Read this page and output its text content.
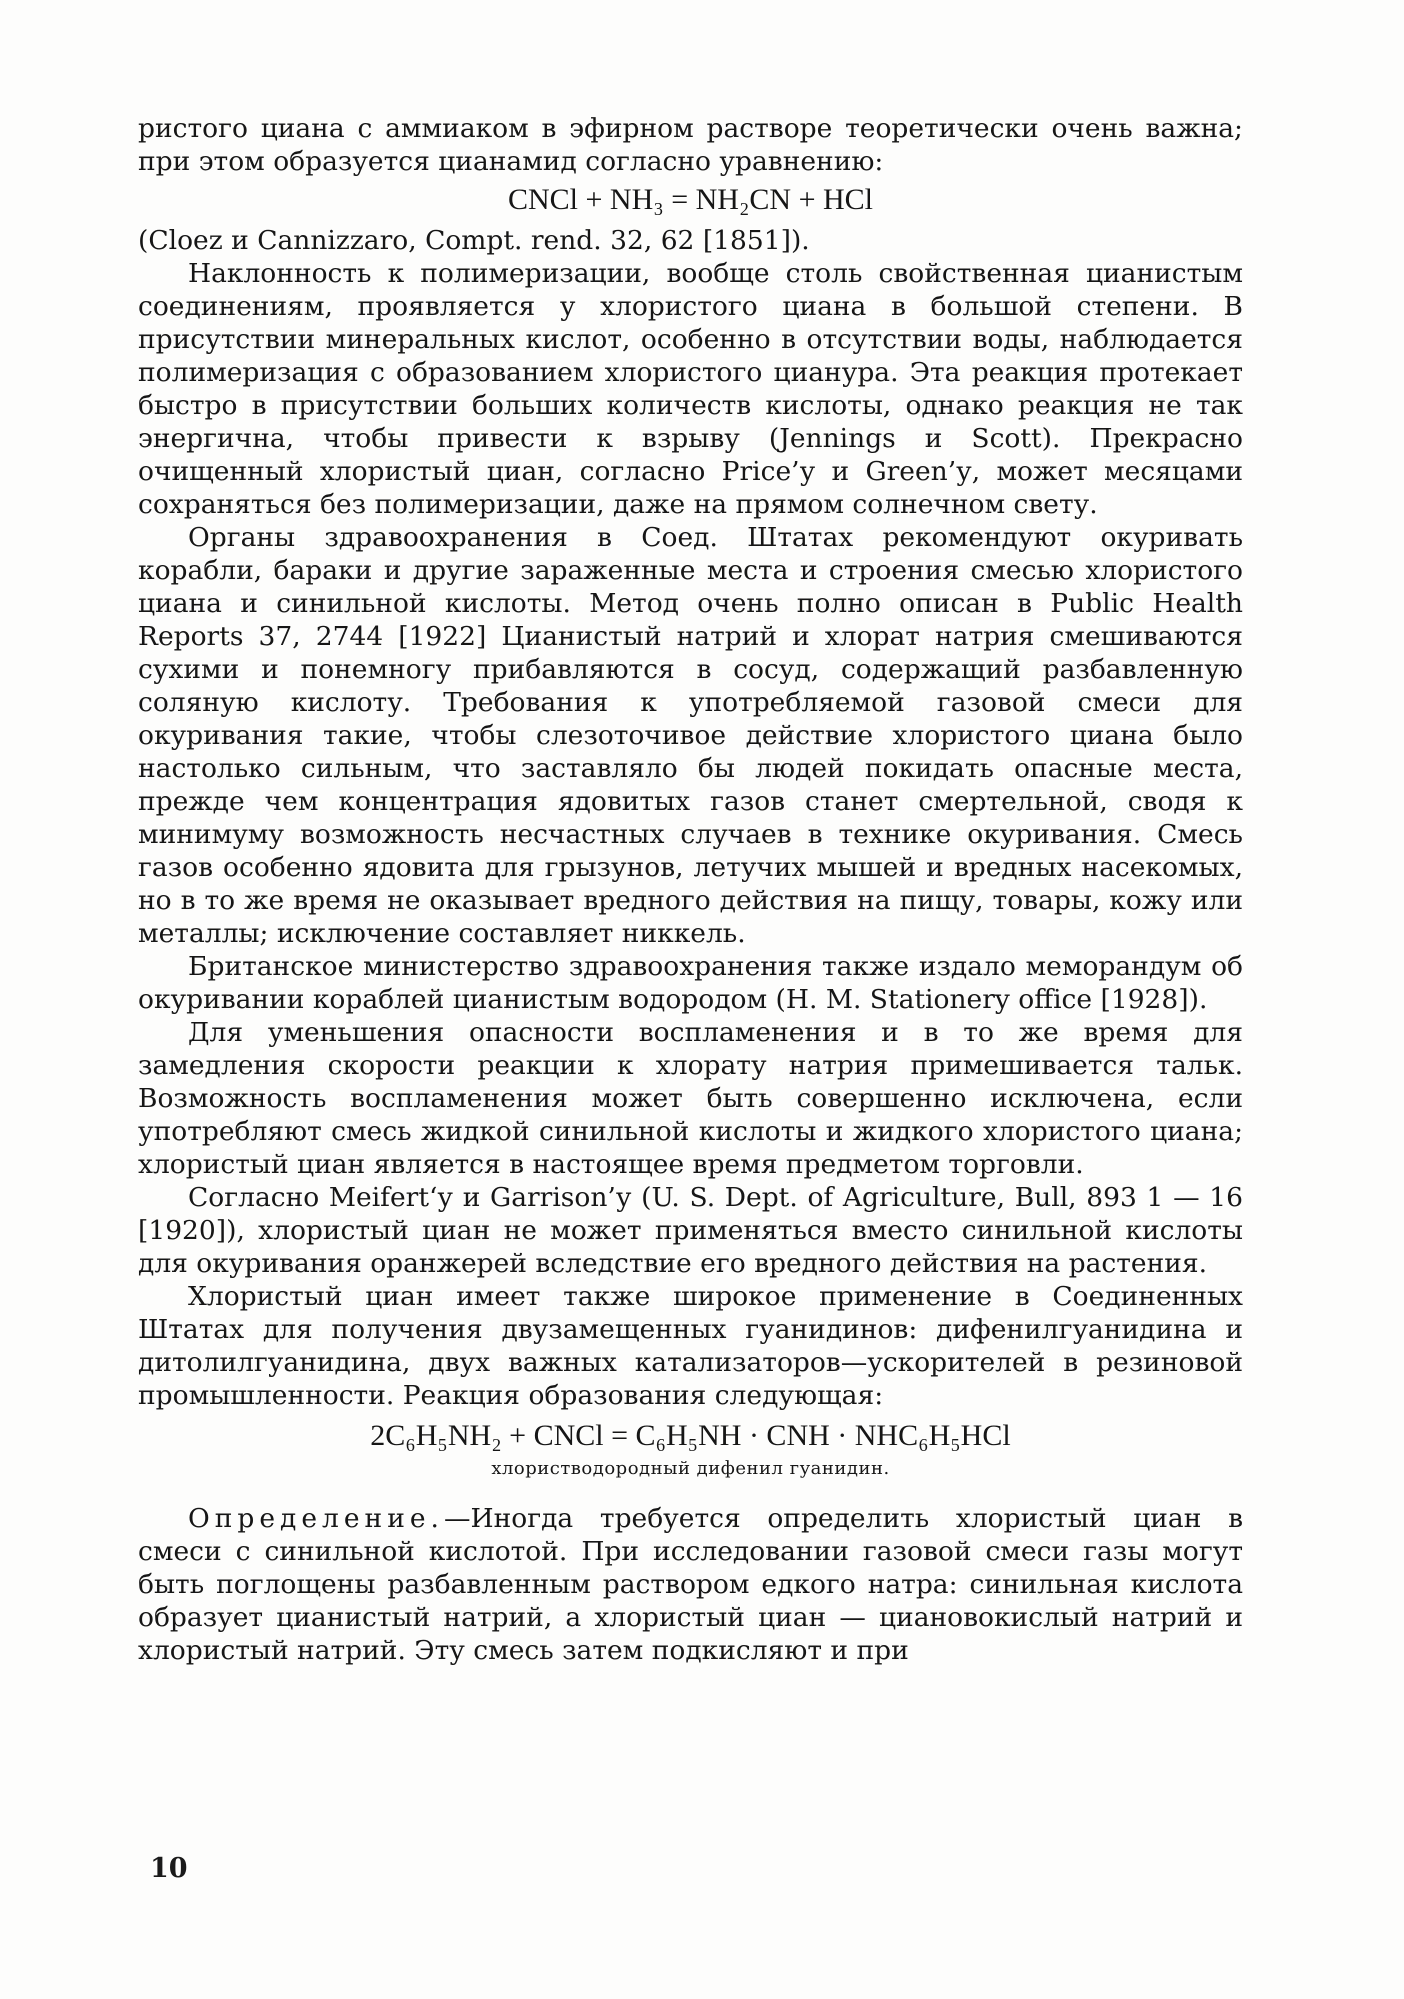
ристого циана с аммиаком в эфирном растворе теоретически очень важна; при этом образуется цианамид согласно уравнению:

CNCl + NH₃ = NH₂CN + HCl

(Cloez и Cannizzaro, Compt. rend. 32, 62 [1851]).

Наклонность к полимеризации, вообще столь свойственная цианистым соединениям, проявляется у хлористого циана в большой степени. В присутствии минеральных кислот, особенно в отсутствии воды, наблюдается полимеризация с образованием хлористого цианура. Эта реакция протекает быстро в присутствии больших количеств кислоты, однако реакция не так энергична, чтобы привести к взрыву (Jennings и Scott). Прекрасно очищенный хлористый циан, согласно Price’у и Green’у, может месяцами сохраняться без полимеризации, даже на прямом солнечном свету.

Органы здравоохранения в Соед. Штатах рекомендуют окуривать корабли, бараки и другие зараженные места и строения смесью хлористого циана и синильной кислоты. Метод очень полно описан в Public Health Reports 37, 2744 [1922] Цианистый натрий и хлорат натрия смешиваются сухими и понемногу прибавляются в сосуд, содержащий разбавленную соляную кислоту. Требования к употребляемой газовой смеси для окуривания такие, чтобы слезоточивое действие хлористого циана было настолько сильным, что заставляло бы людей покидать опасные места, прежде чем концентрация ядовитых газов станет смертельной, сводя к минимуму возможность несчастных случаев в технике окуривания. Смесь газов особенно ядовита для грызунов, летучих мышей и вредных насекомых, но в то же время не оказывает вредного действия на пищу, товары, кожу или металлы; исключение составляет никкель.

Британское министерство здравоохранения также издало меморандум об окуривании кораблей цианистым водородом (H. M. Stationery office [1928]).

Для уменьшения опасности воспламенения и в то же время для замедления скорости реакции к хлорату натрия примешивается тальк. Возможность воспламенения может быть совершенно исключена, если употребляют смесь жидкой синильной кислоты и жидкого хлористого циана; хлористый циан является в настоящее время предметом торговли.

Согласно Meifert‘у и Garrison’у (U. S. Dept. of Agriculture, Bull, 893 1 — 16 [1920]), хлористый циан не может применяться вместо синильной кислоты для окуривания оранжерей вследствие его вредного действия на растения.

Хлористый циан имеет также широкое применение в Соединенных Штатах для получения двузамещенных гуанидинов: дифенилгуанидина и дитолилгуанидина, двух важных катализаторов—ускорителей в резиновой промышленности. Реакция образования следующая:

2C₆H₅NH₂ + CNCl = C₆H₅NH · CNH · NHC₆H₅HCl
хлористводородный дифенил гуанидин.

Определение.—Иногда требуется определить хлористый циан в смеси с синильной кислотой. При исследовании газовой смеси газы могут быть поглощены разбавленным раствором едкого натра: синильная кислота образует цианистый натрий, а хлористый циан — циановокислый натрий и хлористый натрий. Эту смесь затем подкисляют и при

10
